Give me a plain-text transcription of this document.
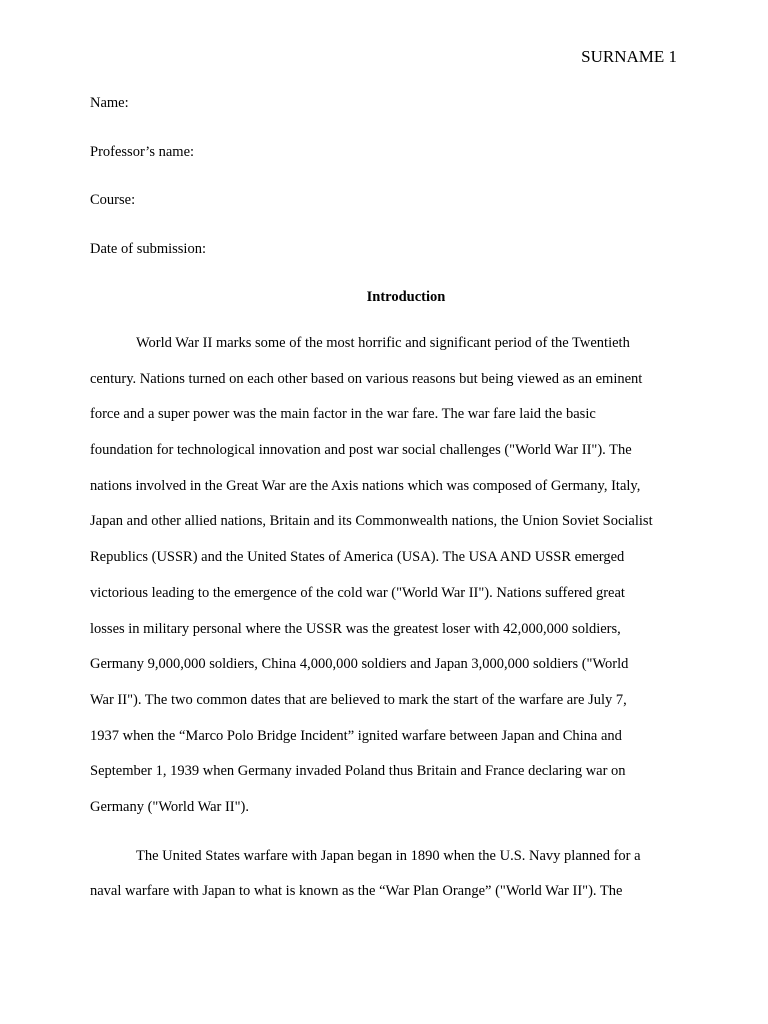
SURNAME 1
Name:
Professor’s name:
Course:
Date of submission:
Introduction
World War II marks some of the most horrific and significant period of the Twentieth
century. Nations turned on each other based on various reasons but being viewed as an eminent
force and a super power was the main factor in the war fare. The war fare laid the basic
foundation for technological innovation and post war social challenges ("World War II"). The
nations involved in the Great War are the Axis nations which was composed of Germany, Italy,
Japan and other allied nations, Britain and its Commonwealth nations, the Union Soviet Socialist
Republics (USSR) and the United States of America (USA). The USA AND USSR emerged
victorious leading to the emergence of the cold war ("World War II"). Nations suffered great
losses in military personal where the USSR was the greatest loser with 42,000,000 soldiers,
Germany 9,000,000 soldiers, China 4,000,000 soldiers and Japan 3,000,000 soldiers ("World
War II"). The two common dates that are believed to mark the start of the warfare are July 7,
1937 when the “Marco Polo Bridge Incident” ignited warfare between Japan and China and
September 1, 1939 when Germany invaded Poland thus Britain and France declaring war on
Germany ("World War II").
The United States warfare with Japan began in 1890 when the U.S. Navy planned for a
naval warfare with Japan to what is known as the “War Plan Orange” ("World War II"). The
